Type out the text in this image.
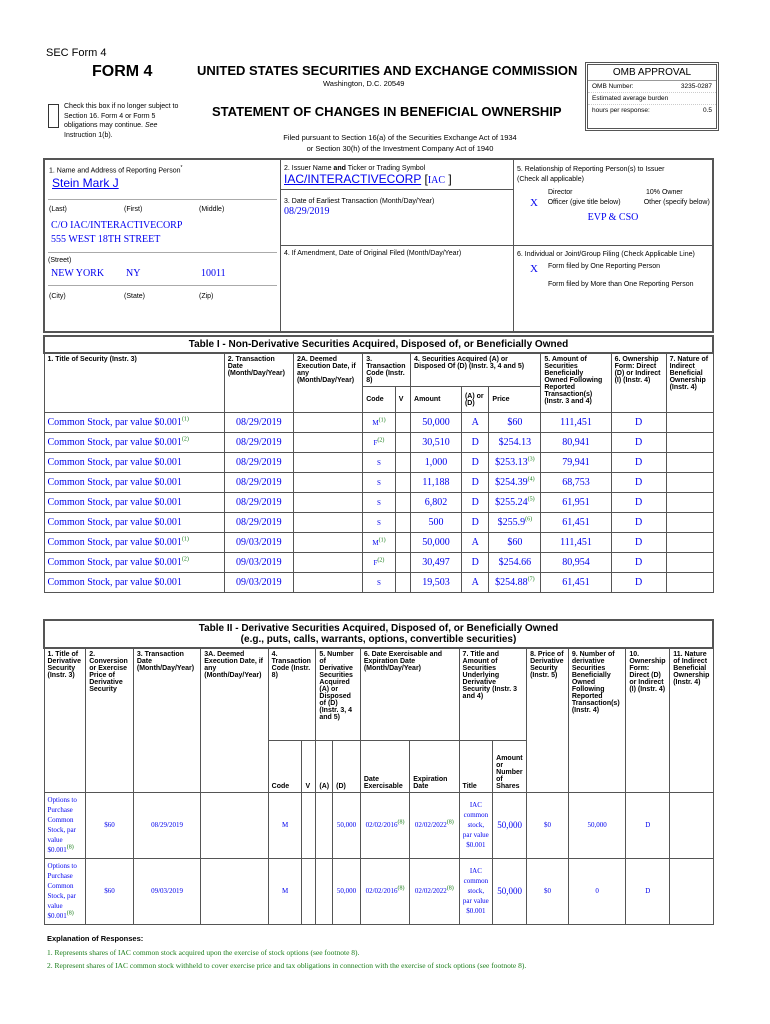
SEC Form 4
FORM 4
Check this box if no longer subject to Section 16. Form 4 or Form 5 obligations may continue. See Instruction 1(b).
UNITED STATES SECURITIES AND EXCHANGE COMMISSION
Washington, D.C. 20549
STATEMENT OF CHANGES IN BENEFICIAL OWNERSHIP
Filed pursuant to Section 16(a) of the Securities Exchange Act of 1934
or Section 30(h) of the Investment Company Act of 1940
OMB APPROVAL
OMB Number:	3235-0287
Estimated average burden
hours per response:	0.5
1. Name and Address of Reporting Person*
Stein Mark J
(Last)	(First)	(Middle)
C/O IAC/INTERACTIVECORP
555 WEST 18TH STREET
(Street)
NEW YORK	NY	10011
(City)	(State)	(Zip)
2. Issuer Name and Ticker or Trading Symbol
IAC/INTERACTIVECORP [IAC ]
3. Date of Earliest Transaction (Month/Day/Year)
08/29/2019
4. If Amendment, Date of Original Filed (Month/Day/Year)
5. Relationship of Reporting Person(s) to Issuer
(Check all applicable)
Director	10% Owner
X	Officer (give title below)	Other (specify below)
EVP & CSO
6. Individual or Joint/Group Filing (Check Applicable Line)
X	Form filed by One Reporting Person
Form filed by More than One Reporting Person
Table I - Non-Derivative Securities Acquired, Disposed of, or Beneficially Owned										
1. Title of Security (Instr. 3)	2. Transaction Date (Month/Day/Year)	2A. Deemed Execution Date, if any (Month/Day/Year)	3. Transaction Code (Instr. 8)		4. Securities Acquired (A) or Disposed Of (D) (Instr. 3, 4 and 5)			5. Amount of Securities Beneficially Owned Following Reported Transaction(s) (Instr. 3 and 4)	6. Ownership Form: Direct (D) or Indirect (I) (Instr. 4)	7. Nature of Indirect Beneficial Ownership (Instr. 4)
			Code	V	Amount	(A) or (D)	Price			
Common Stock, par value $0.001$^{(1)}$	08/29/2019		M$^{(1)}$		50,000	A	$60	111,451	D	
Common Stock, par value $0.001$^{(2)}$	08/29/2019		F$^{(2)}$		30,510	D	$254.13	80,941	D	
Common Stock, par value $0.001	08/29/2019		S		1,000	D	$253.13$^{(3)}$	79,941	D	
Common Stock, par value $0.001	08/29/2019		S		11,188	D	$254.39$^{(4)}$	68,753	D	
Common Stock, par value $0.001	08/29/2019		S		6,802	D	$255.24$^{(5)}$	61,951	D	
Common Stock, par value $0.001	08/29/2019		S		500	D	$255.9$^{(6)}$	61,451	D	
Common Stock, par value $0.001$^{(1)}$	09/03/2019		M$^{(1)}$		50,000	A	$60	111,451	D	
Common Stock, par value $0.001$^{(2)}$	09/03/2019		F$^{(2)}$		30,497	D	$254.66	80,954	D	
Common Stock, par value $0.001	09/03/2019		S		19,503	A	$254.88$^{(7)}$	61,451	D	
Table II - Derivative Securities Acquired, Disposed of, or Beneficially Owned
(e.g., puts, calls, warrants, options, convertible securities)															

1. Title of Derivative Security (Instr. 3)	2. Conversion or Exercise Price of Derivative Security	3. Transaction Date (Month/Day/Year)	3A. Deemed Execution Date, if any (Month/Day/Year)	4. Transaction Code (Instr. 8)		5. Number of Derivative Securities Acquired (A) or Disposed of (D) (Instr. 3, 4 and 5)		6. Date Exercisable and Expiration Date (Month/Day/Year)		7. Title and Amount of Securities Underlying Derivative Security (Instr. 3 and 4)		8. Price of Derivative Security (Instr. 5)	9. Number of derivative Securities Beneficially Owned Following Reported Transaction(s) (Instr. 4)	10. Ownership Form: Direct (D) or Indirect (I) (Instr. 4)	11. Nature of Indirect Beneficial Ownership (Instr. 4)
				Code	V	(A)	(D)	Date Exercisable	Expiration Date	Title	Amount or Number of Shares				
Options to Purchase Common Stock, par value $0.001$^{(8)}$	$60	08/29/2019		M			50,000	02/02/2016$^{(8)}$	02/02/2022$^{(8)}$	IAC common stock, par value $0.001	50,000	$0	50,000	D	
Options to Purchase Common Stock, par value $0.001$^{(8)}$	$60	09/03/2019		M			50,000	02/02/2016$^{(8)}$	02/02/2022$^{(8)}$	IAC common stock, par value $0.001	50,000	$0	0	D	
Explanation of Responses:
1. Represents shares of IAC common stock acquired upon the exercise of stock options (see footnote 8).
2. Represent shares of IAC common stock withheld to cover exercise price and tax obligations in connection with the exercise of stock options (see footnote 8).
